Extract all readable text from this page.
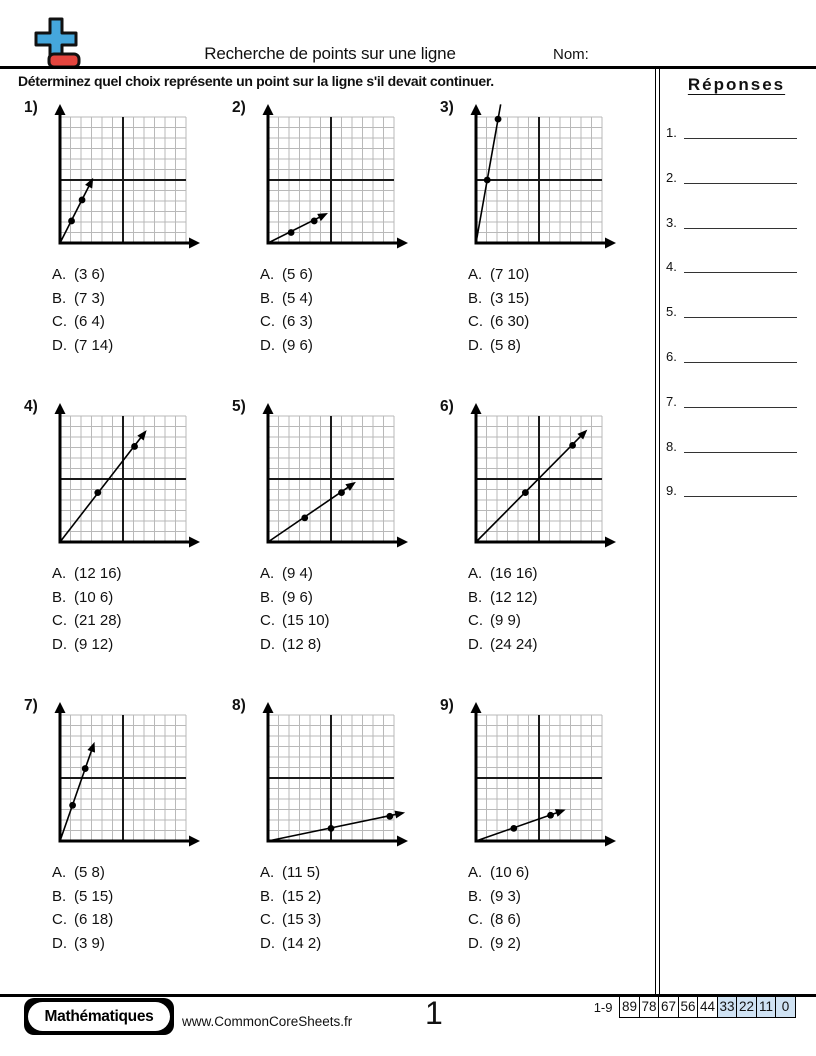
Recherche de points sur une ligne	Nom:
Déterminez quel choix représente un point sur la ligne s'il devait continuer.
1)
A. (3 6)
B. (7 3)
C. (6 4)
D. (7 14)
2)
A. (5 6)
B. (5 4)
C. (6 3)
D. (9 6)
3)
A. (7 10)
B. (3 15)
C. (6 30)
D. (5 8)
4)
A. (12 16)
B. (10 6)
C. (21 28)
D. (9 12)
5)
A. (9 4)
B. (9 6)
C. (15 10)
D. (12 8)
6)
A. (16 16)
B. (12 12)
C. (9 9)
D. (24 24)
7)
A. (5 8)
B. (5 15)
C. (6 18)
D. (3 9)
8)
A. (11 5)
B. (15 2)
C. (15 3)
D. (14 2)
9)
A. (10 6)
B. (9 3)
C. (8 6)
D. (9 2)
Réponses
1.
2.
3.
4.
5.
6.
7.
8.
9.
Mathématiques	www.CommonCoreSheets.fr 1	1-9 89 78 67 56 44 33 22 11 0
